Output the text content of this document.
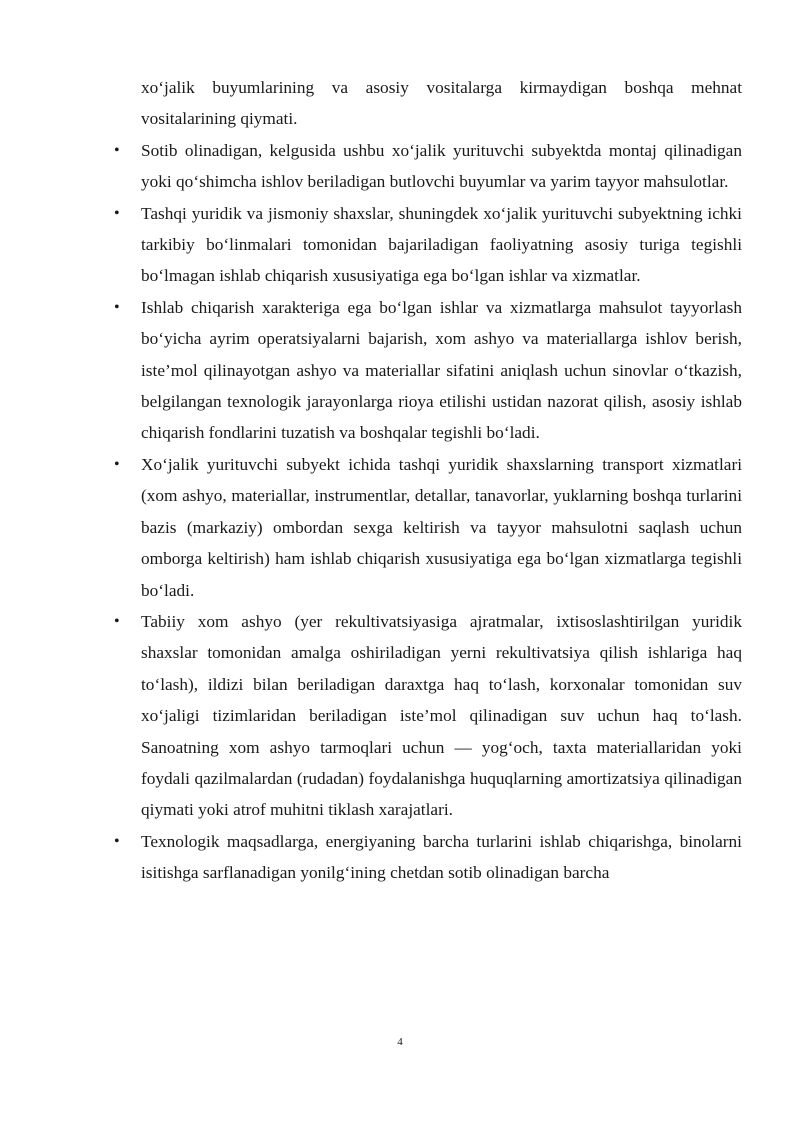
xo‘jalik buyumlarining va asosiy vositalarga kirmaydigan boshqa mehnat vositalarining qiymati.

• Sotib olinadigan, kelgusida ushbu xo‘jalik yurituvchi subyektda montaj qilinadigan yoki qo‘shimcha ishlov beriladigan butlovchi buyumlar va yarim tayyor mahsulotlar.
• Tashqi yuridik va jismoniy shaxslar, shuningdek xo‘jalik yurituvchi subyektning ichki tarkibiy bo‘linmalari tomonidan bajariladigan faoliyatning asosiy turiga tegishli bo‘lmagan ishlab chiqarish xususiyatiga ega bo‘lgan ishlar va xizmatlar.
• Ishlab chiqarish xarakteriga ega bo‘lgan ishlar va xizmatlarga mahsulot tayyorlash bo‘yicha ayrim operatsiyalarni bajarish, xom ashyo va materiallarga ishlov berish, iste’mol qilinayotgan ashyo va materiallar sifatini aniqlash uchun sinovlar o‘tkazish, belgilangan texnologik jarayonlarga rioya etilishi ustidan nazorat qilish, asosiy ishlab chiqarish fondlarini tuzatish va boshqalar tegishli bo‘ladi.
• Xo‘jalik yurituvchi subyekt ichida tashqi yuridik shaxslarning transport xizmatlari (xom ashyo, materiallar, instrumentlar, detallar, tanavorlar, yuklarning boshqa turlarini bazis (markaziy) ombordan sexga keltirish va tayyor mahsulotni saqlash uchun omborga keltirish) ham ishlab chiqarish xususiyatiga ega bo‘lgan xizmatlarga tegishli bo‘ladi.
• Tabiiy xom ashyo (yer rekultivatsiyasiga ajratmalar, ixtisoslashtirilgan yuridik shaxslar tomonidan amalga oshiriladigan yerni rekultivatsiya qilish ishlariga haq to‘lash), ildizi bilan beriladigan daraxtga haq to‘lash, korxonalar tomonidan suv xo‘jaligi tizimlaridan beriladigan iste’mol qilinadigan suv uchun haq to‘lash. Sanoatning xom ashyo tarmoqlari uchun — yog‘och, taxta materiallaridan yoki foydali qazilmalardan (rudadan) foydalanishga huquqlarning amortizatsiya qilinadigan qiymati yoki atrof muhitni tiklash xarajatlari.
• Texnologik maqsadlarga, energiyaning barcha turlarini ishlab chiqarishga, binolarni isitishga sarflanadigan yonilg‘ining chetdan sotib olinadigan barcha
4
